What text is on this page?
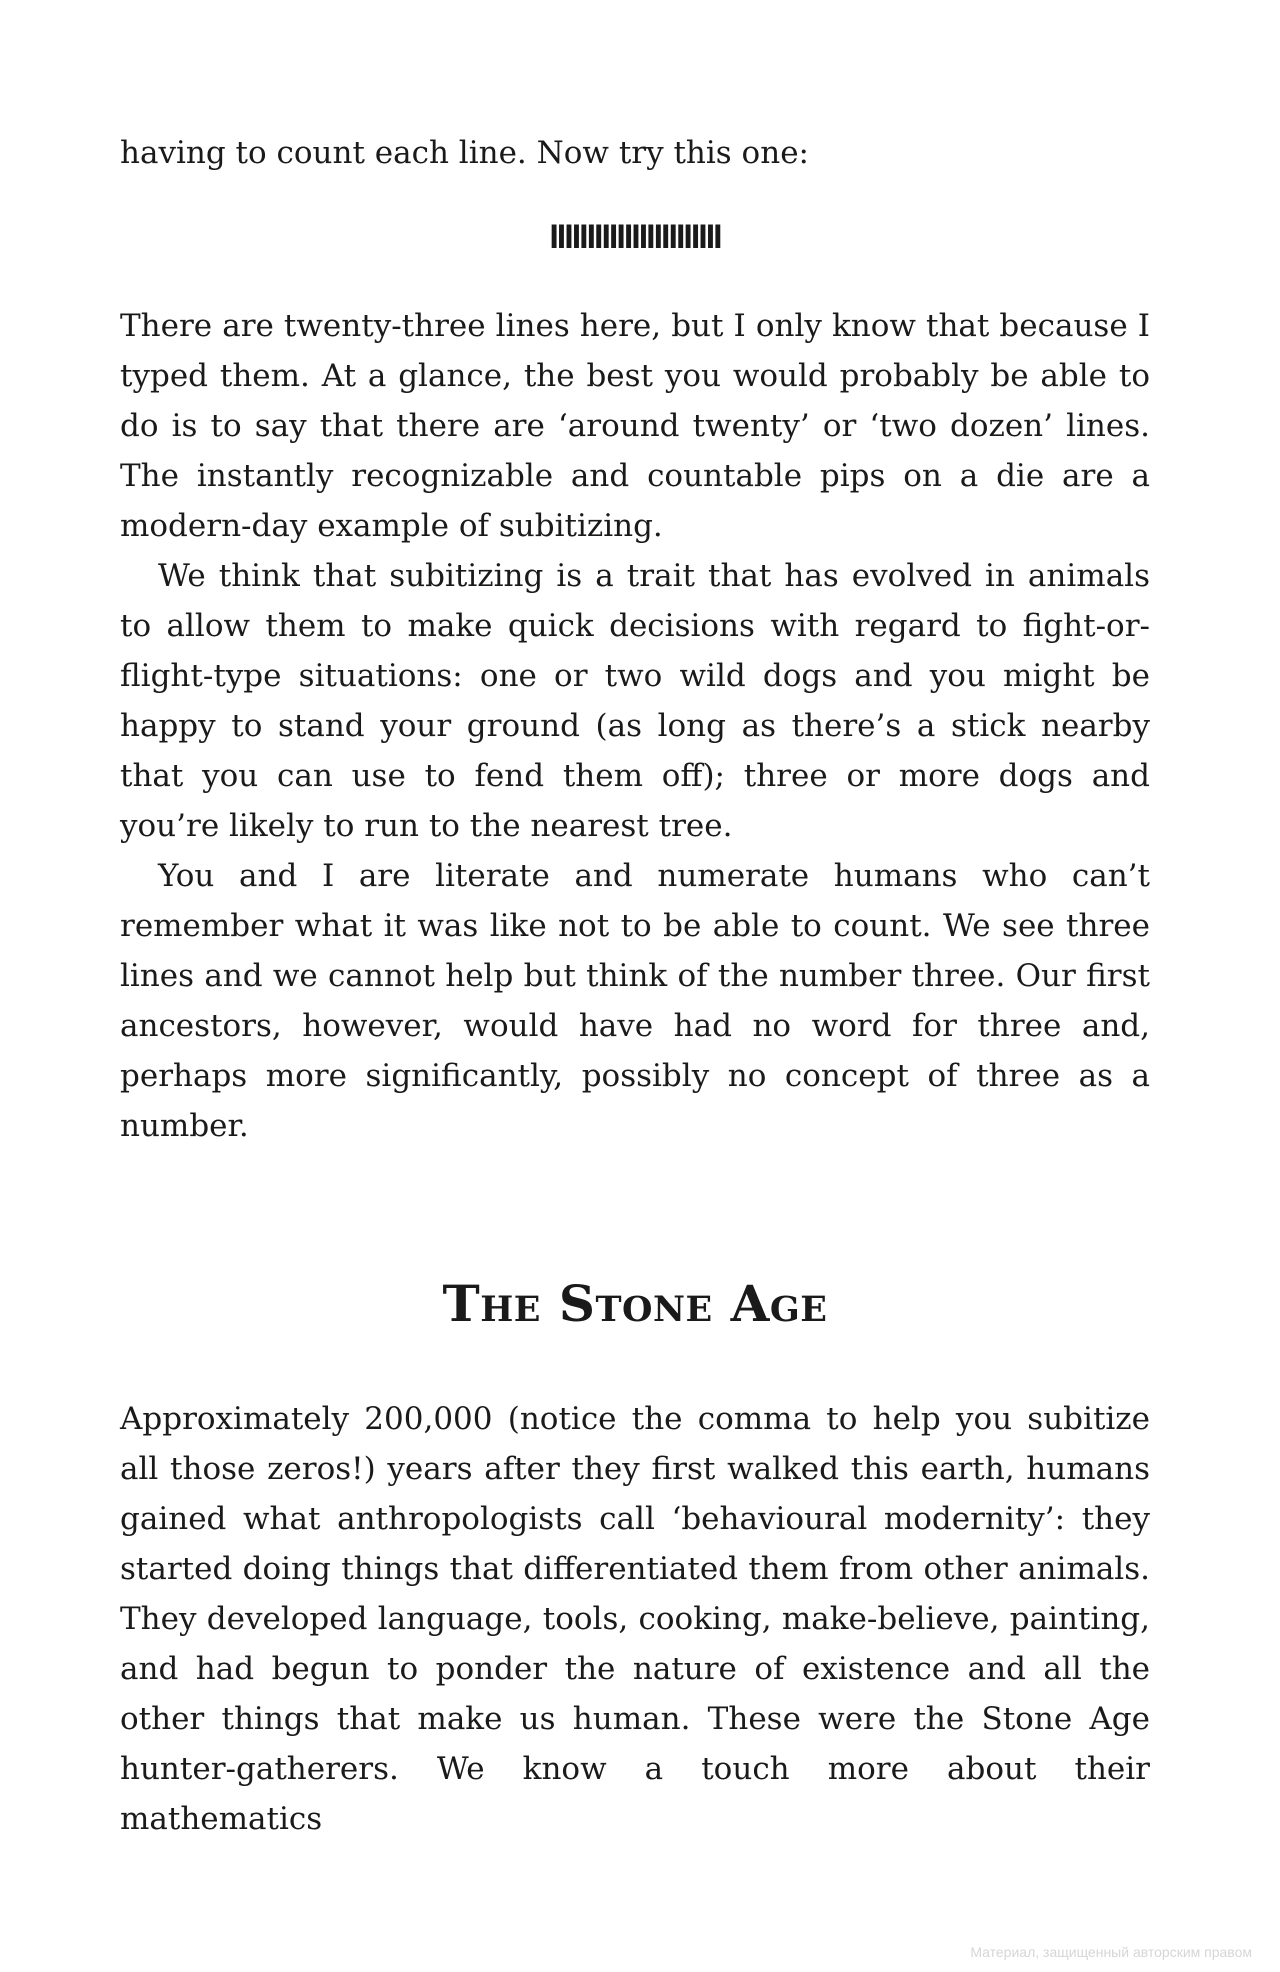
having to count each line. Now try this one:

IIIIIIIIIIIIIIIIIIIIIII

There are twenty-three lines here, but I only know that because I typed them. At a glance, the best you would probably be able to do is to say that there are ‘around twenty’ or ‘two dozen’ lines. The instantly recognizable and countable pips on a die are a modern-day example of subitizing.

We think that subitizing is a trait that has evolved in animals to allow them to make quick decisions with regard to fight-or-flight-type situations: one or two wild dogs and you might be happy to stand your ground (as long as there’s a stick nearby that you can use to fend them off); three or more dogs and you’re likely to run to the nearest tree.

You and I are literate and numerate humans who can’t remember what it was like not to be able to count. We see three lines and we cannot help but think of the number three. Our first ancestors, however, would have had no word for three and, perhaps more significantly, possibly no concept of three as a number.

The Stone Age

Approximately 200,000 (notice the comma to help you subitize all those zeros!) years after they first walked this earth, humans gained what anthropologists call ‘behavioural modernity’: they started doing things that differentiated them from other animals. They developed language, tools, cooking, make-believe, painting, and had begun to ponder the nature of existence and all the other things that make us human. These were the Stone Age hunter-gatherers. We know a touch more about their mathematics

Материал, защищенный авторским правом
